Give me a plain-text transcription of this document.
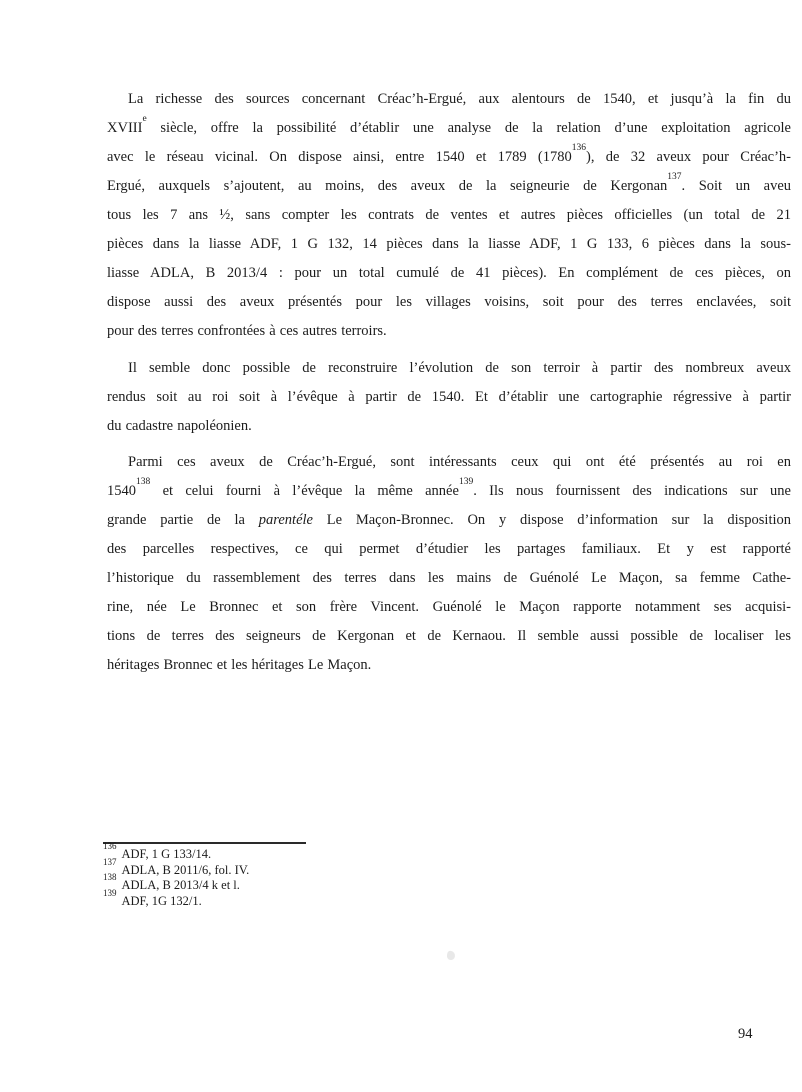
La richesse des sources concernant Créac’h-Ergué, aux alentours de 1540, et jusqu’à la fin du
XVIIIe siècle, offre la possibilité d’établir une analyse de la relation d’une exploitation agricole
avec le réseau vicinal. On dispose ainsi, entre 1540 et 1789 (1780$^{136}$), de 32 aveux pour Créac’h-
Ergué, auxquels s’ajoutent, au moins, des aveux de la seigneurie de Kergonan$^{137}$. Soit un aveu
tous les 7 ans ½, sans compter les contrats de ventes et autres pièces officielles (un total de 21
pièces dans la liasse ADF, 1 G 132, 14 pièces dans la liasse ADF, 1 G 133, 6 pièces dans la sous-
liasse ADLA, B 2013/4 : pour un total cumulé de 41 pièces). En complément de ces pièces, on
dispose aussi des aveux présentés pour les villages voisins, soit pour des terres enclavées, soit
pour des terres confrontées à ces autres terroirs.
Il semble donc possible de reconstruire l’évolution de son terroir à partir des nombreux aveux
rendus soit au roi soit à l’évêque à partir de 1540. Et d’établir une cartographie régressive à partir
du cadastre napoléonien.
Parmi ces aveux de Créac’h-Ergué, sont intéressants ceux qui ont été présentés au roi en
1540$^{138}$ et celui fourni à l’évêque la même année$^{139}$. Ils nous fournissent des indications sur une
grande partie de la parentéle Le Maçon-Bronnec. On y dispose d’information sur la disposition
des parcelles respectives, ce qui permet d’étudier les partages familiaux. Et y est rapporté
l’historique du rassemblement des terres dans les mains de Guénolé Le Maçon, sa femme Cathe-
rine, née Le Bronnec et son frère Vincent. Guénolé le Maçon rapporte notamment ses acquisi-
tions de terres des seigneurs de Kergonan et de Kernaou. Il semble aussi possible de localiser les
héritages Bronnec et les héritages Le Maçon.
$^{136}$ADF, 1 G 133/14.
$^{137}$ADLA, B 2011/6, fol. IV.
$^{138}$ADLA, B 2013/4 k et l.
$^{139}$ADF, 1G 132/1.
94
